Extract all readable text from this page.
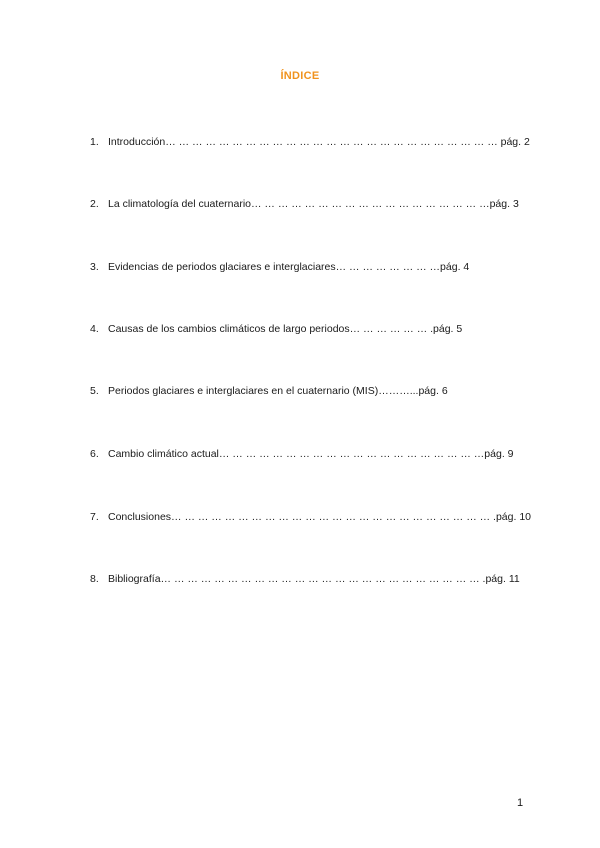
ÍNDICE
1. Introducción… … … … … … … … … … … … … … … … … … … … … … … … … pág. 2
2. La climatología del cuaternario… … … … … … … … … … … … … … … … … …pág. 3
3. Evidencias de periodos glaciares e interglaciares… … … … … … … …pág. 4
4. Causas de los cambios climáticos de largo periodos… … … … … … .pág. 5
5. Periodos glaciares e interglaciares en el cuaternario (MIS)………...pág. 6
6. Cambio climático actual… … … … … … … … … … … … … … … … … … … …pág. 9
7. Conclusiones… … … … … … … … … … … … … … … … … … … … … … … … .pág. 10
8. Bibliografía… … … … … … … … … … … … … … … … … … … … … … … … .pág. 11
1
